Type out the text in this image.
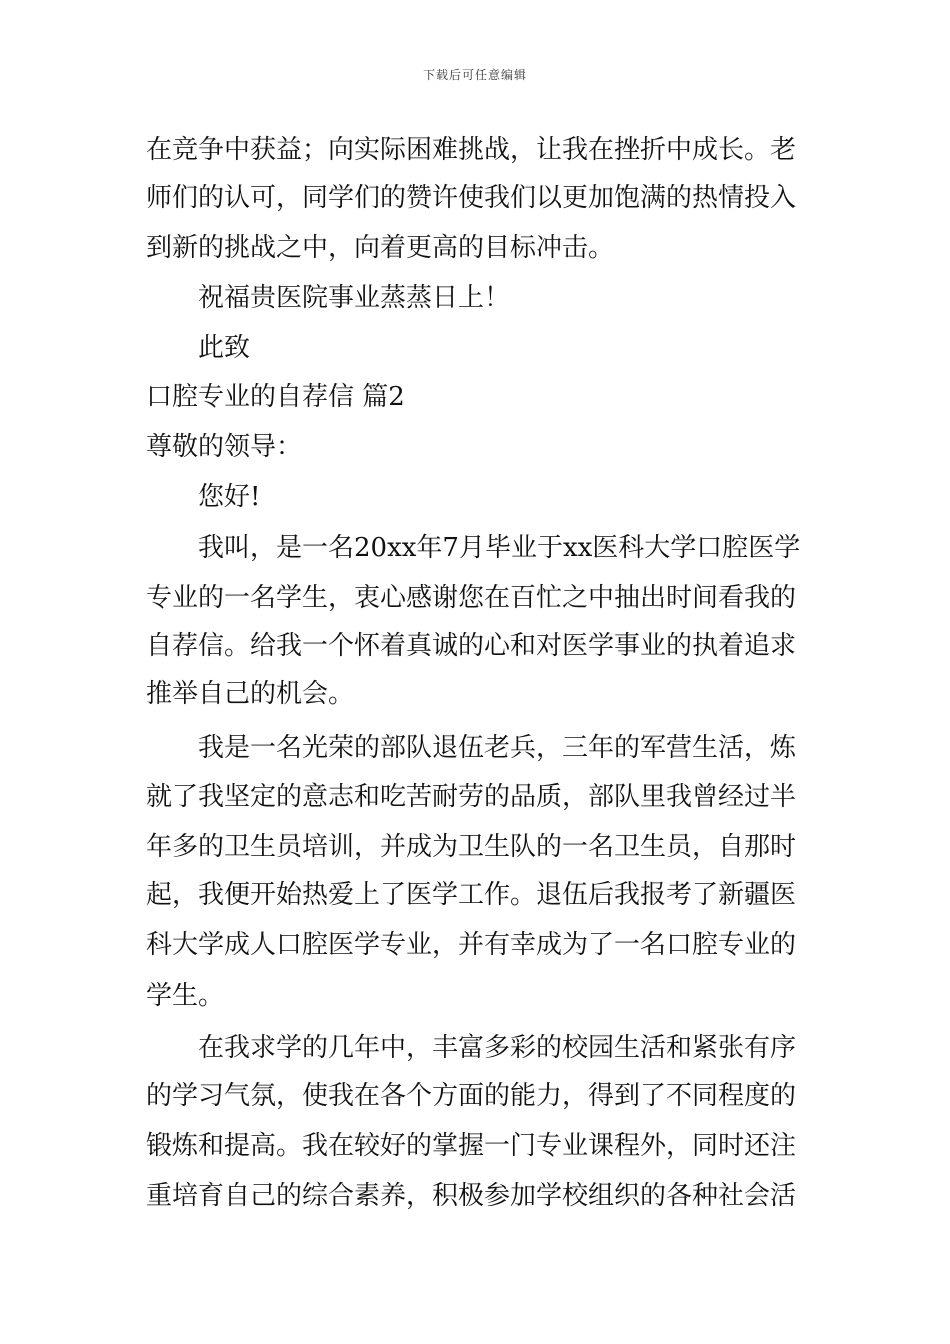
下载后可任意编辑
在竞争中获益；向实际困难挑战，让我在挫折中成长。老
师们的认可，同学们的赞许使我们以更加饱满的热情投入
到新的挑战之中，向着更高的目标冲击。
祝福贵医院事业蒸蒸日上！
此致
口腔专业的自荐信 篇2
尊敬的领导：
您好!
我叫，是一名20xx年7月毕业于xx医科大学口腔医学
专业的一名学生，衷心感谢您在百忙之中抽出时间看我的
自荐信。给我一个怀着真诚的心和对医学事业的执着追求
推举自己的机会。
我是一名光荣的部队退伍老兵，三年的军营生活，炼
就了我坚定的意志和吃苦耐劳的品质，部队里我曾经过半
年多的卫生员培训，并成为卫生队的一名卫生员，自那时
起，我便开始热爱上了医学工作。退伍后我报考了新疆医
科大学成人口腔医学专业，并有幸成为了一名口腔专业的
学生。
在我求学的几年中，丰富多彩的校园生活和紧张有序
的学习气氛，使我在各个方面的能力，得到了不同程度的
锻炼和提高。我在较好的掌握一门专业课程外，同时还注
重培育自己的综合素养，积极参加学校组织的各种社会活
